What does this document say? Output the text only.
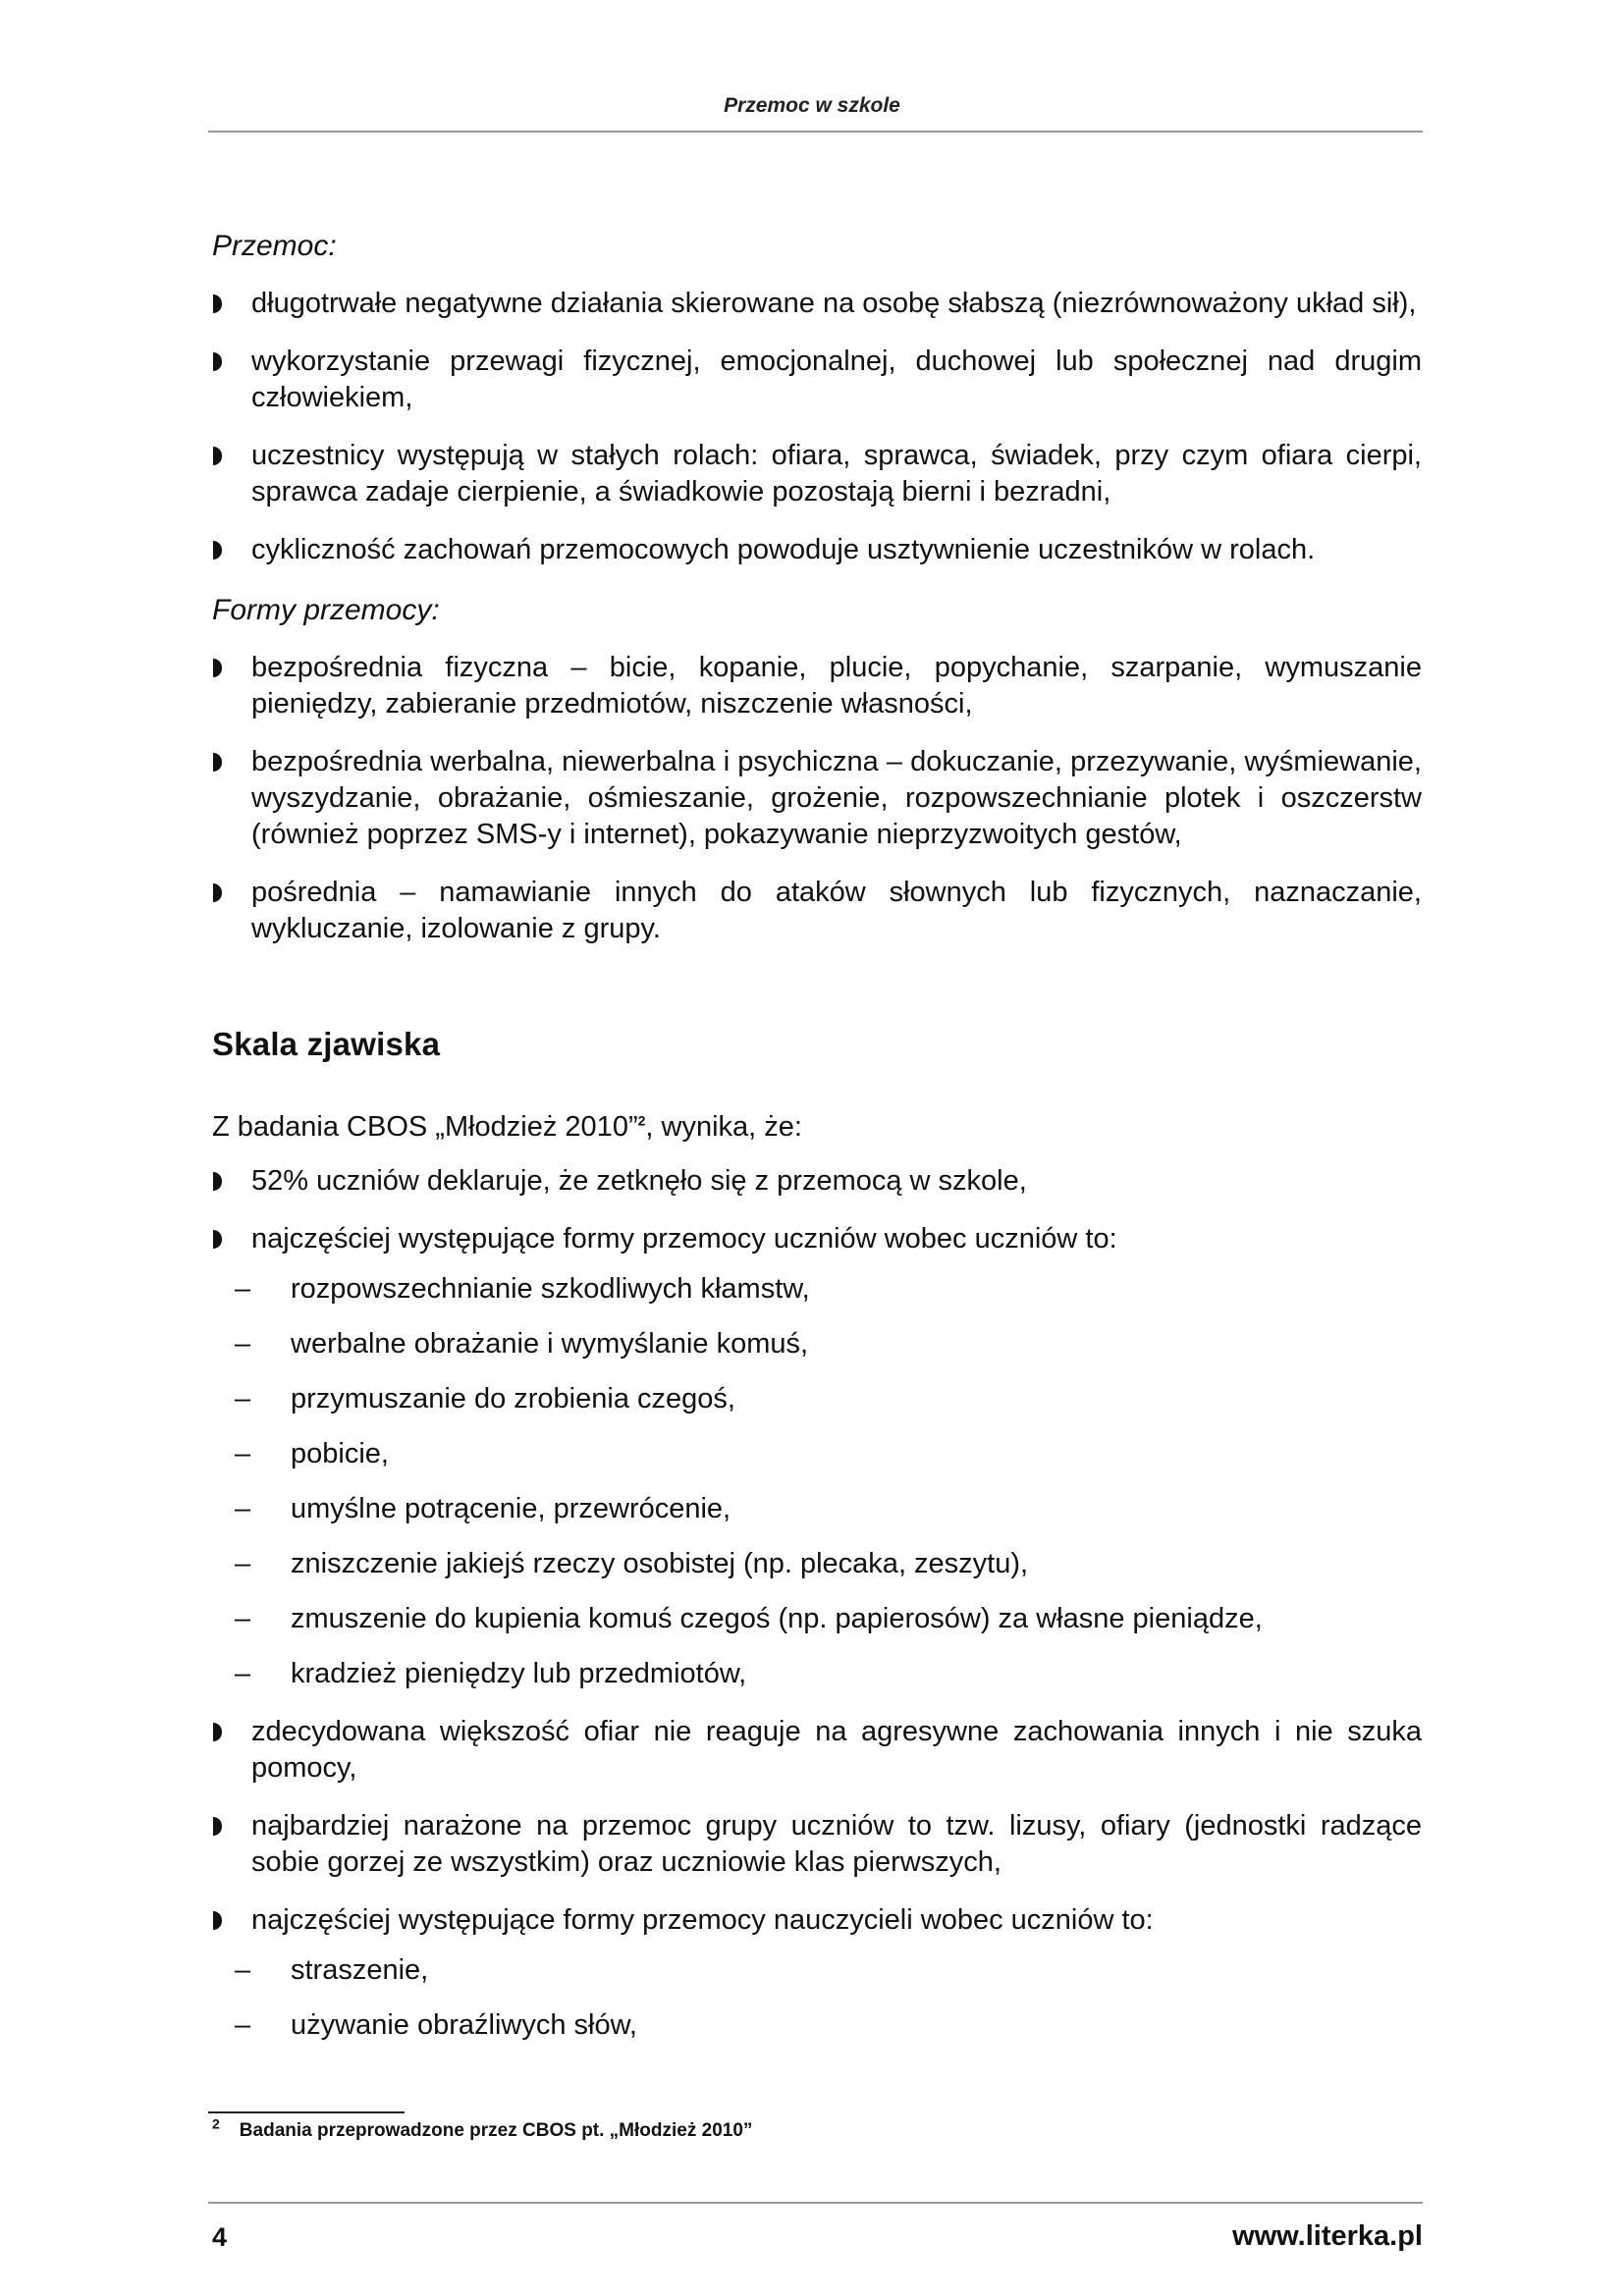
Przemoc w szkole
Przemoc:
długotrwałe negatywne działania skierowane na osobę słabszą (niezrównoważony układ sił),
wykorzystanie przewagi fizycznej, emocjonalnej, duchowej lub społecznej nad drugim człowiekiem,
uczestnicy występują w stałych rolach: ofiara, sprawca, świadek, przy czym ofiara cierpi, sprawca zadaje cierpienie, a świadkowie pozostają bierni i bezradni,
cykliczność zachowań przemocowych powoduje usztywnienie uczestników w rolach.
Formy przemocy:
bezpośrednia fizyczna – bicie, kopanie, plucie, popychanie, szarpanie, wymuszanie pieniędzy, zabieranie przedmiotów, niszczenie własności,
bezpośrednia werbalna, niewerbalna i psychiczna – dokuczanie, przezywanie, wyśmiewanie, wyszydzanie, obrażanie, ośmieszanie, grożenie, rozpowszechnianie plotek i oszczerstw (również poprzez SMS-y i internet), pokazywanie nieprzyzwoitych gestów,
pośrednia – namawianie innych do ataków słownych lub fizycznych, naznaczanie, wykluczanie, izolowanie z grupy.
Skala zjawiska

Z badania CBOS „Młodzież 2010”$^2$, wynika, że:

52% uczniów deklaruje, że zetknęło się z przemocą w szkole,
najczęściej występujące formy przemocy uczniów wobec uczniów to:
– rozpowszechnianie szkodliwych kłamstw,
– werbalne obrażanie i wymyślanie komuś,
– przymuszanie do zrobienia czegoś,
– pobicie,
– umyślne potrącenie, przewrócenie,
– zniszczenie jakiejś rzeczy osobistej (np. plecaka, zeszytu),
– zmuszenie do kupienia komuś czegoś (np. papierosów) za własne pieniądze,
– kradzież pieniędzy lub przedmiotów,
zdecydowana większość ofiar nie reaguje na agresywne zachowania innych i nie szuka pomocy,
najbardziej narażone na przemoc grupy uczniów to tzw. lizusy, ofiary (jednostki radzące sobie gorzej ze wszystkim) oraz uczniowie klas pierwszych,
najczęściej występujące formy przemocy nauczycieli wobec uczniów to:
– straszenie,
– używanie obraźliwych słów,
$^2$ Badania przeprowadzone przez CBOS pt. „Młodzież 2010”
4	www.literka.pl
